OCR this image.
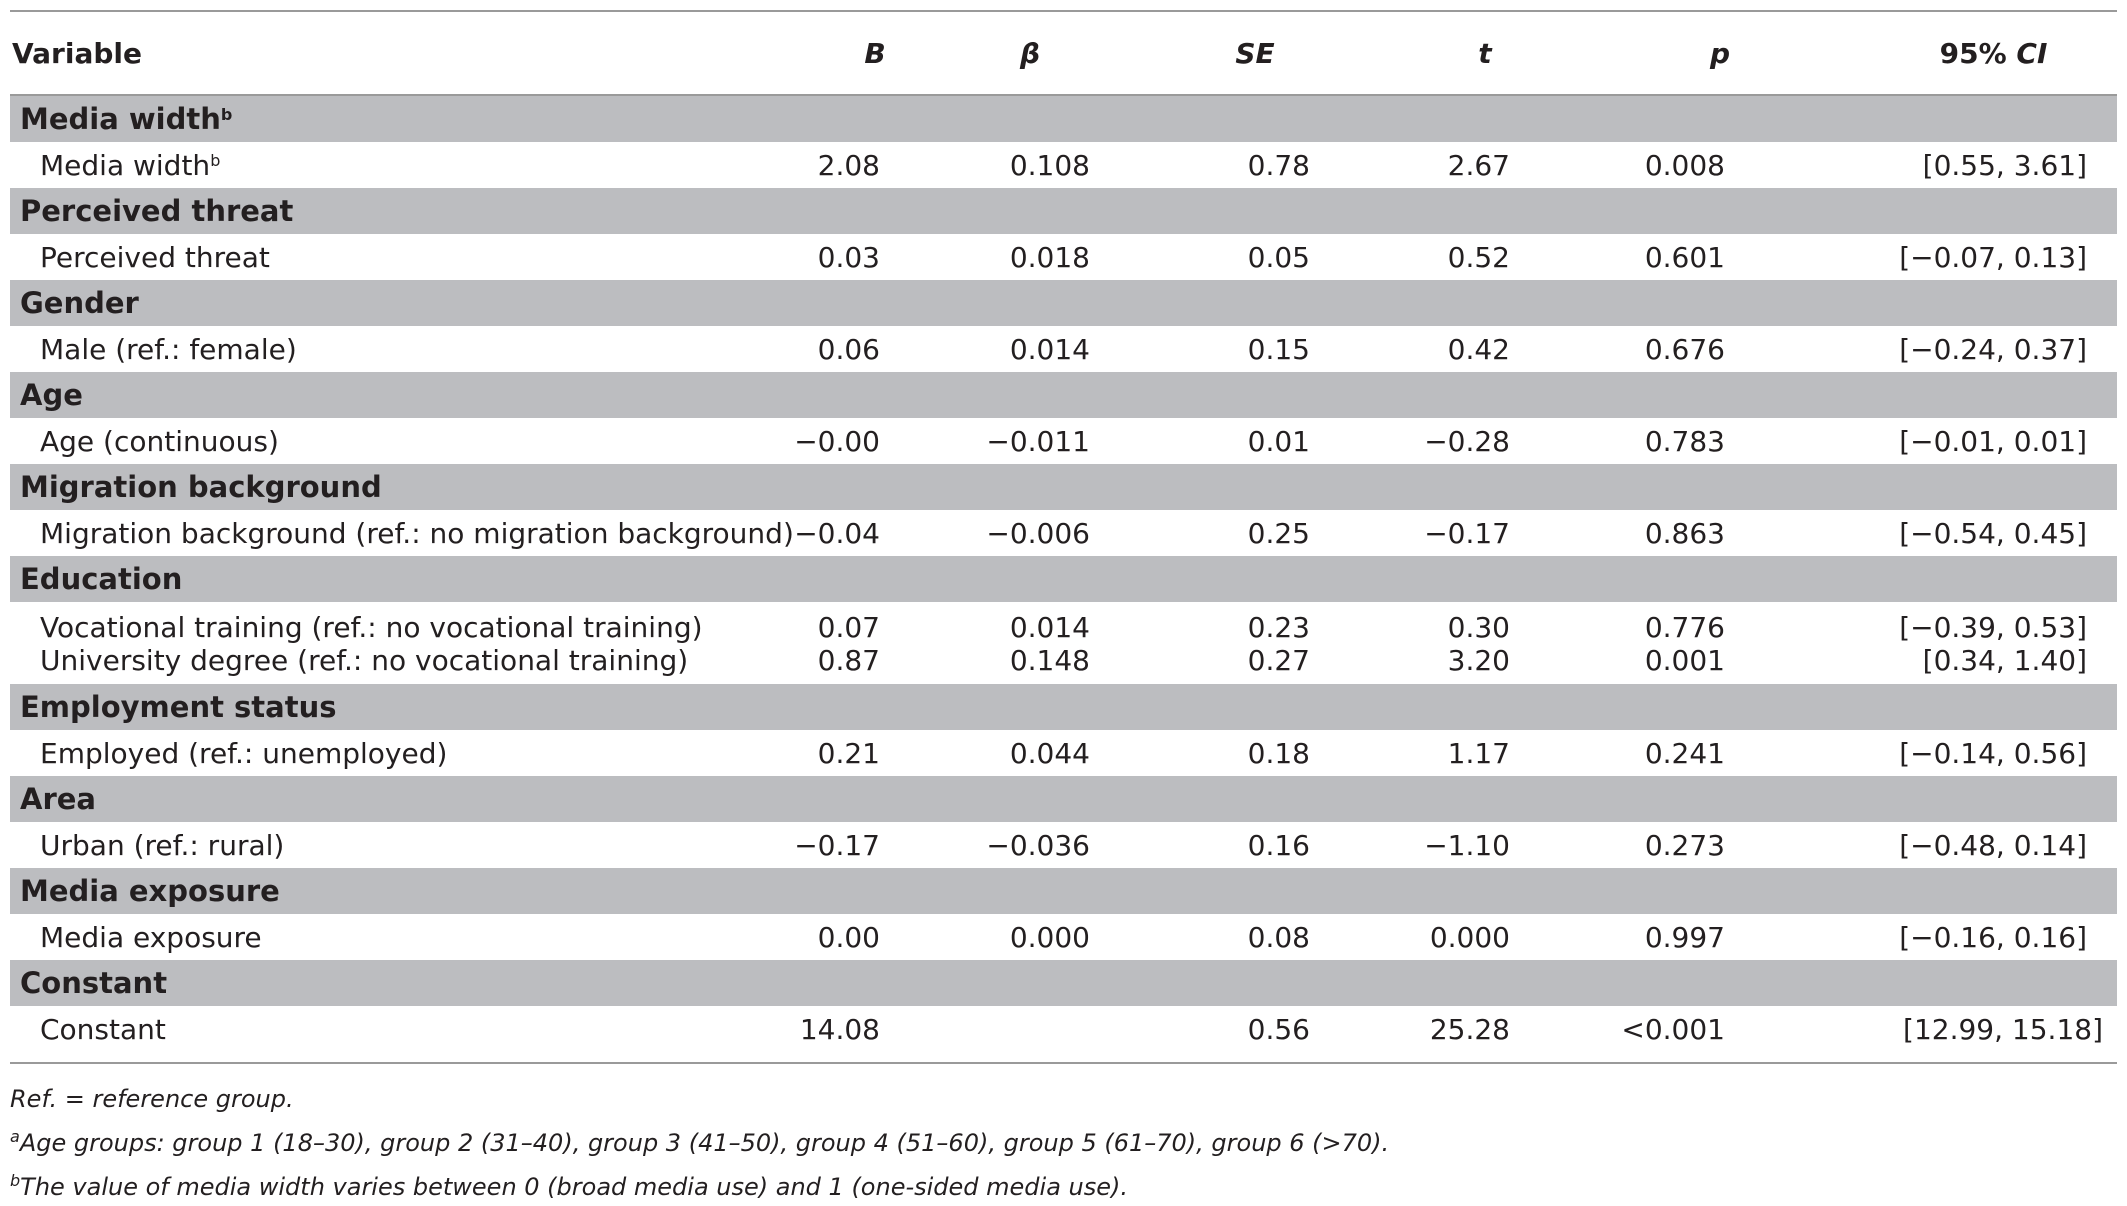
Variable	B	β	SE	t	p	95% CI

Media width$^b$
Media width$^b$	2.08	0.108	0.78	2.67	0.008	[0.55, 3.61]
Perceived threat						
Perceived threat	0.03	0.018	0.05	0.52	0.601	[−0.07, 0.13]
Gender						
Male (ref.: female)	0.06	0.014	0.15	0.42	0.676	[−0.24, 0.37]
Age						
Age (continuous)	−0.00	−0.011	0.01	−0.28	0.783	[−0.01, 0.01]
Migration background						
Migration background (ref.: no migration background)	−0.04	−0.006	0.25	−0.17	0.863	[−0.54, 0.45]
Education						
Vocational training (ref.: no vocational training)	0.07	0.014	0.23	0.30	0.776	[−0.39, 0.53]
University degree (ref.: no vocational training)	0.87	0.148	0.27	3.20	0.001	[0.34, 1.40]
Employment status						
Employed (ref.: unemployed)	0.21	0.044	0.18	1.17	0.241	[−0.14, 0.56]
Area						
Urban (ref.: rural)	−0.17	−0.036	0.16	−1.10	0.273	[−0.48, 0.14]
Media exposure						
Media exposure	0.00	0.000	0.08	0.000	0.997	[−0.16, 0.16]
Constant						
Constant	14.08		0.56	25.28	<0.001	[12.99, 15.18]
Ref. = reference group.
$^a$Age groups: group 1 (18–30), group 2 (31–40), group 3 (41–50), group 4 (51–60), group 5 (61–70), group 6 (>70).
$^b$The value of media width varies between 0 (broad media use) and 1 (one-sided media use).
